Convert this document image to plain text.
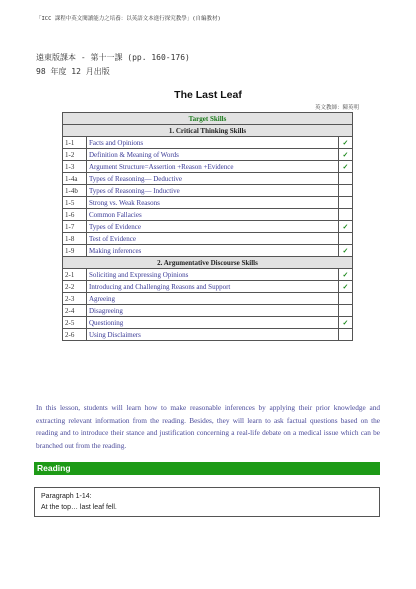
「ICC 課程中英文閱讀能力之培養：以英語文本進行探究教學」(自編教材)
遠東版課本 - 第十一課 (pp. 160-176)
98 年度 12 月出版
The Last Leaf
英文教師：陳英明
Target Skills		
1. Critical Thinking Skills		
1-1	Facts and Opinions	✓
1-2	Definition & Meaning of Words	✓
1-3	Argument Structure=Assertion +Reason +Evidence	✓
1-4a	Types of Reasoning— Deductive	
1-4b	Types of Reasoning— Inductive	
1-5	Strong vs. Weak Reasons	
1-6	Common Fallacies	
1-7	Types of Evidence	✓
1-8	Test of Evidence	
1-9	Making inferences	✓
2. Argumentative Discourse Skills		
2-1	Soliciting and Expressing Opinions	✓
2-2	Introducing and Challenging Reasons and Support	✓
2-3	Agreeing	
2-4	Disagreeing	
2-5	Questioning	✓
2-6	Using Disclaimers	
In this lesson, students will learn how to make reasonable inferences by applying their prior knowledge and extracting relevant information from the reading. Besides, they will learn to ask factual questions based on the reading and to introduce their stance and justification concerning a real-life debate on a medical issue which can be branched out from the reading.
Reading
Paragraph 1-14:
At the top… last leaf fell.
